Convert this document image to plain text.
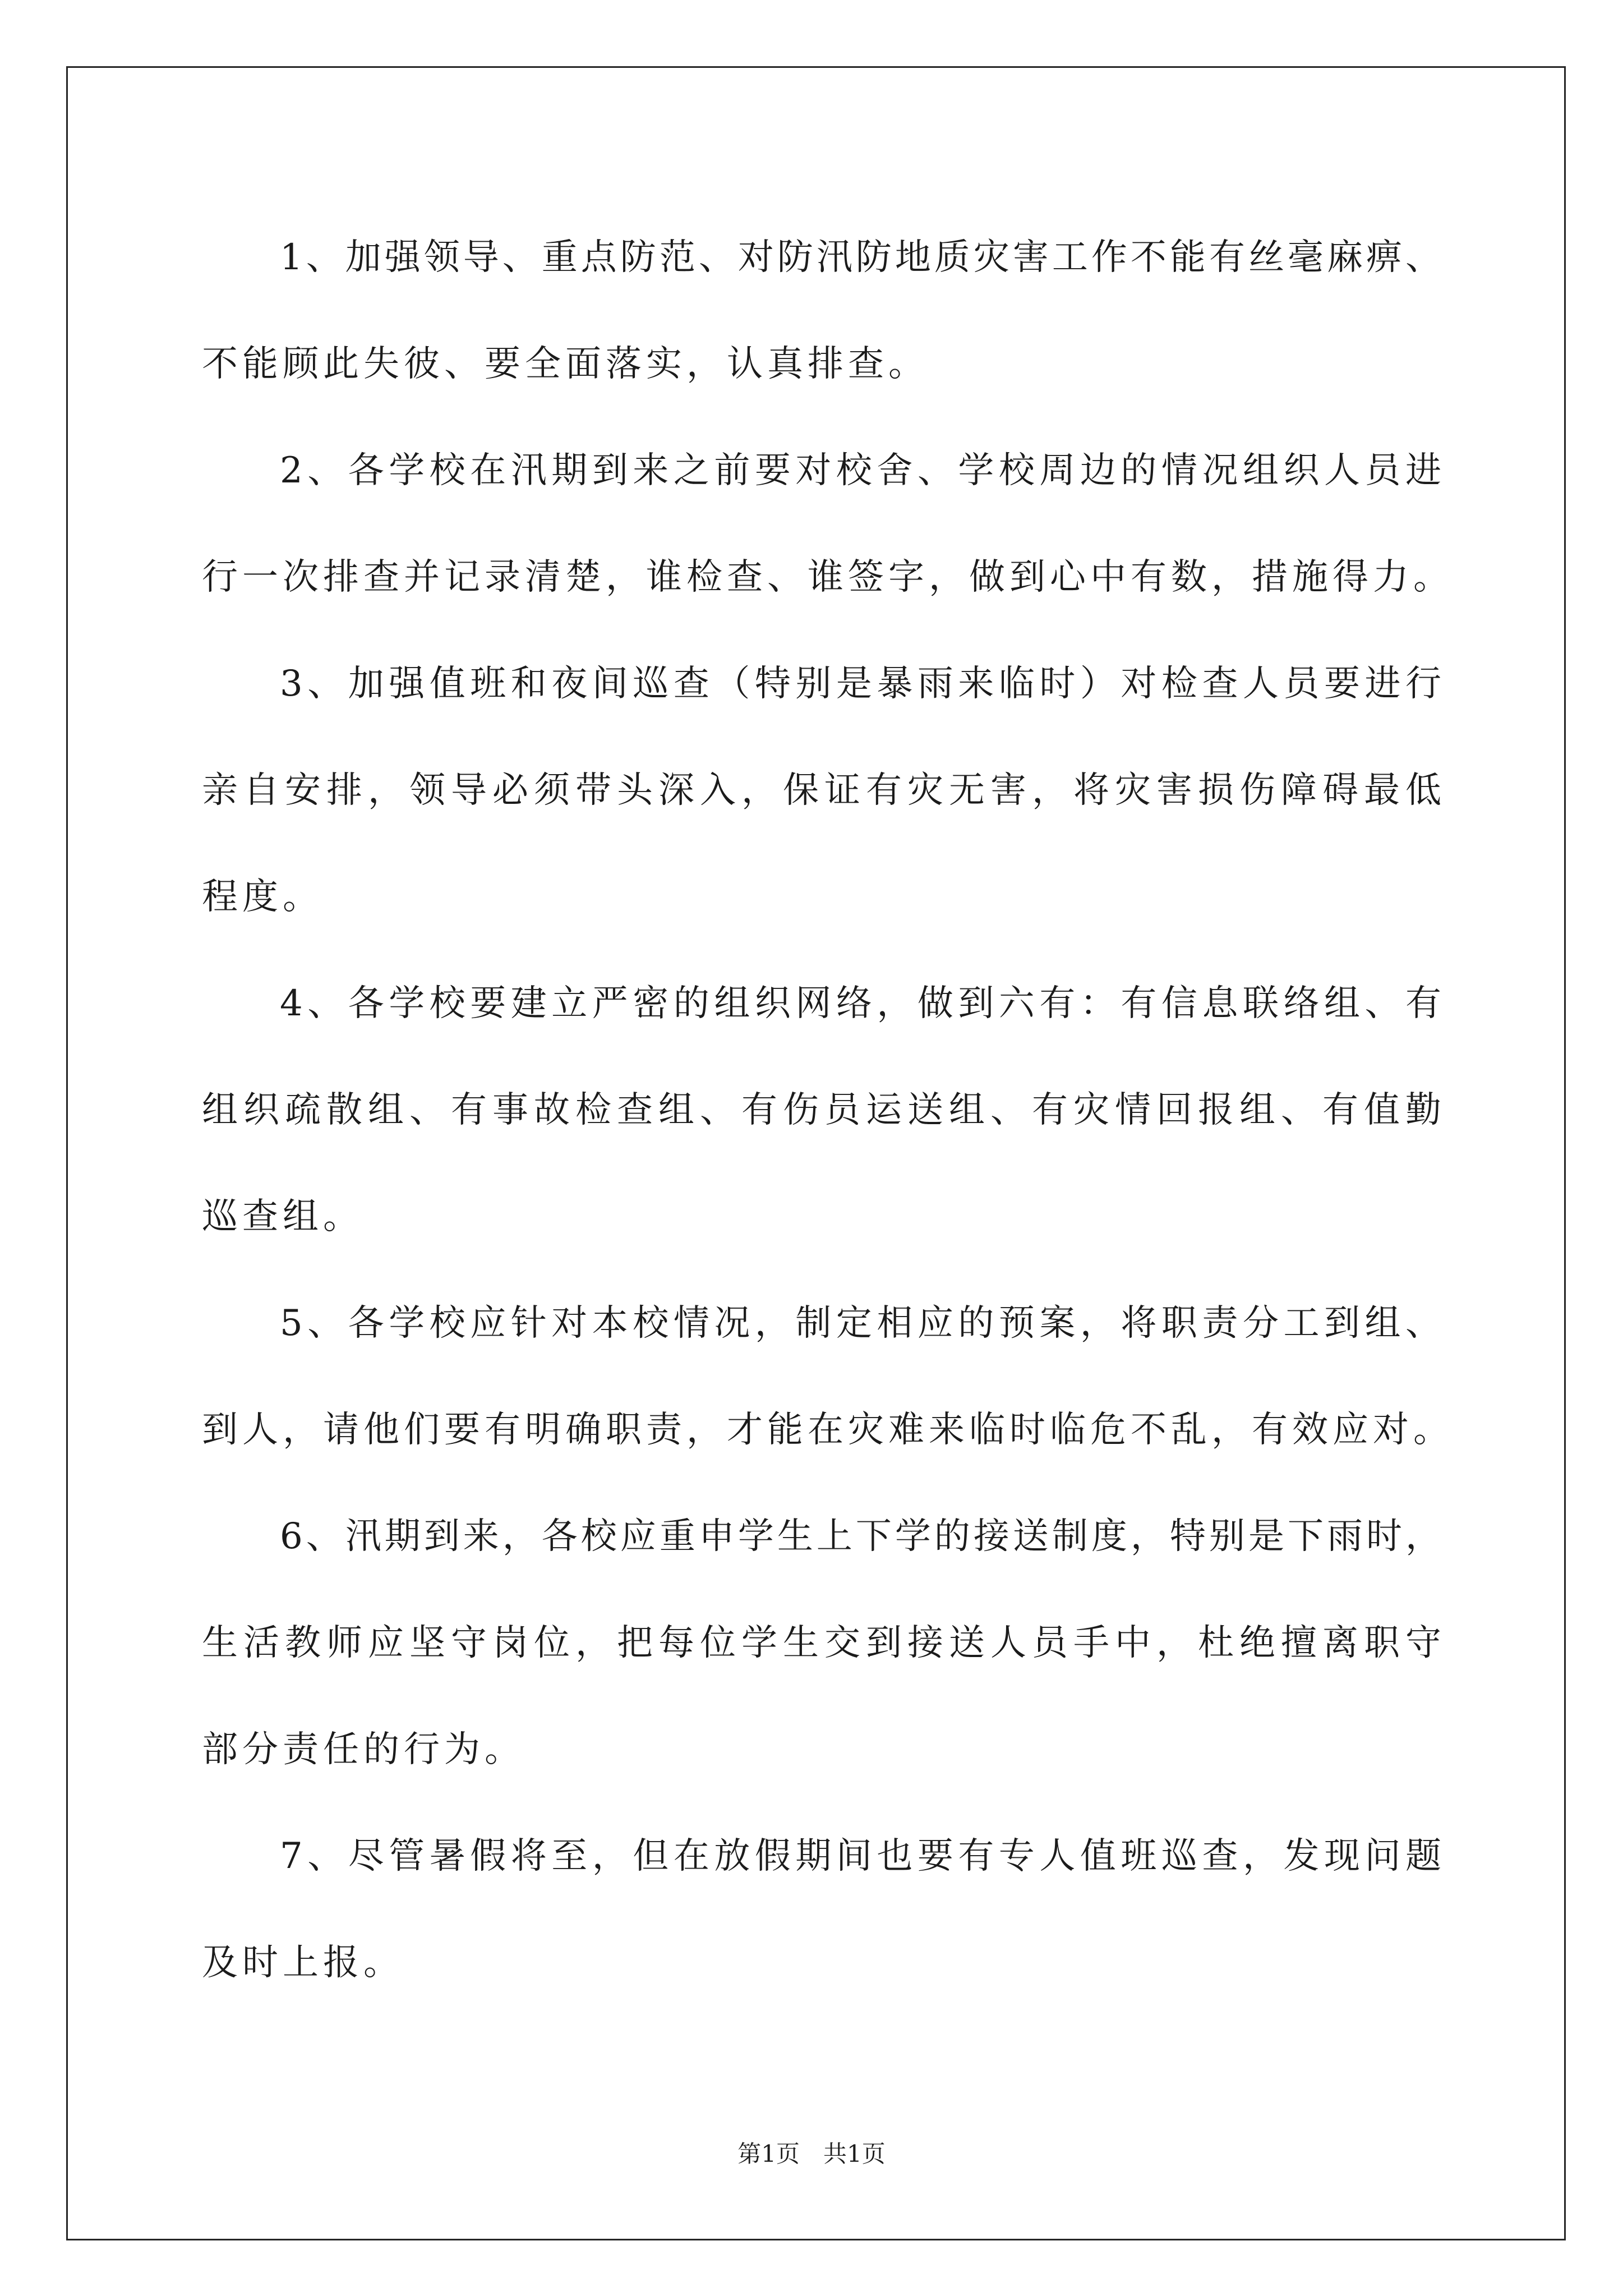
1、加强领导、重点防范、对防汛防地质灾害工作不能有丝毫麻痹、
不能顾此失彼、要全面落实，认真排查。
2、各学校在汛期到来之前要对校舍、学校周边的情况组织人员进
行一次排查并记录清楚，谁检查、谁签字，做到心中有数，措施得力。
3、加强值班和夜间巡查（特别是暴雨来临时）对检查人员要进行
亲自安排，领导必须带头深入，保证有灾无害，将灾害损伤障碍最低
程度。
4、各学校要建立严密的组织网络，做到六有：有信息联络组、有
组织疏散组、有事故检查组、有伤员运送组、有灾情回报组、有值勤
巡查组。
5、各学校应针对本校情况，制定相应的预案，将职责分工到组、
到人，请他们要有明确职责，才能在灾难来临时临危不乱，有效应对。
6、汛期到来，各校应重申学生上下学的接送制度，特别是下雨时，
生活教师应坚守岗位，把每位学生交到接送人员手中，杜绝擅离职守
部分责任的行为。
7、尽管暑假将至，但在放假期间也要有专人值班巡查，发现问题
及时上报。
第1页　共1页
